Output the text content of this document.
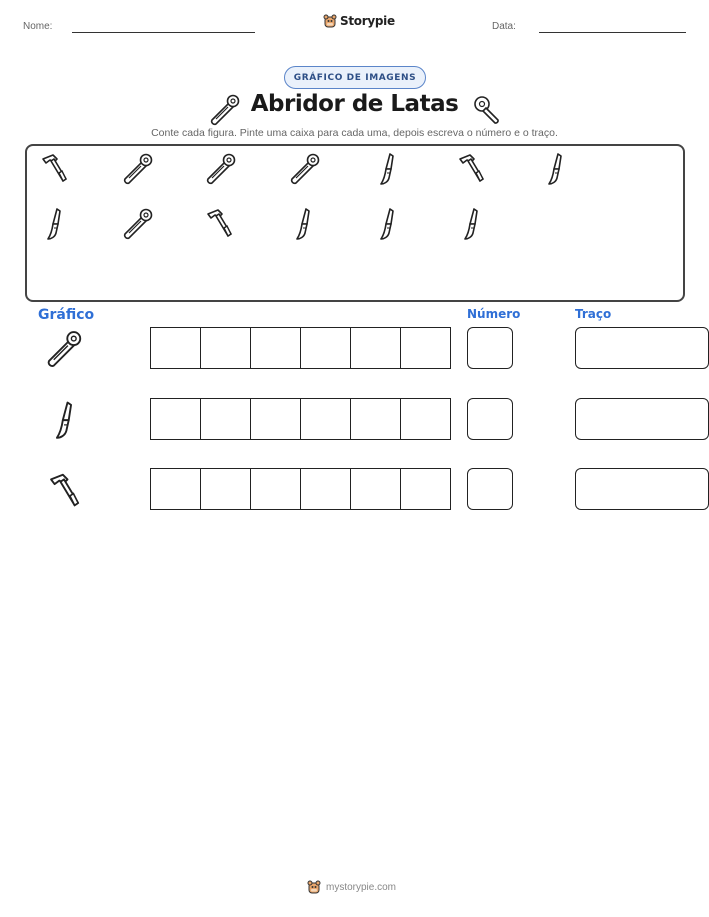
Nome:	Storypie	Data:
GRÁFICO DE IMAGENS
Abridor de Latas
Conte cada figura. Pinte uma caixa para cada uma, depois escreva o número e o traço.
Gráfico	Número	Traço
mystorypie.com
